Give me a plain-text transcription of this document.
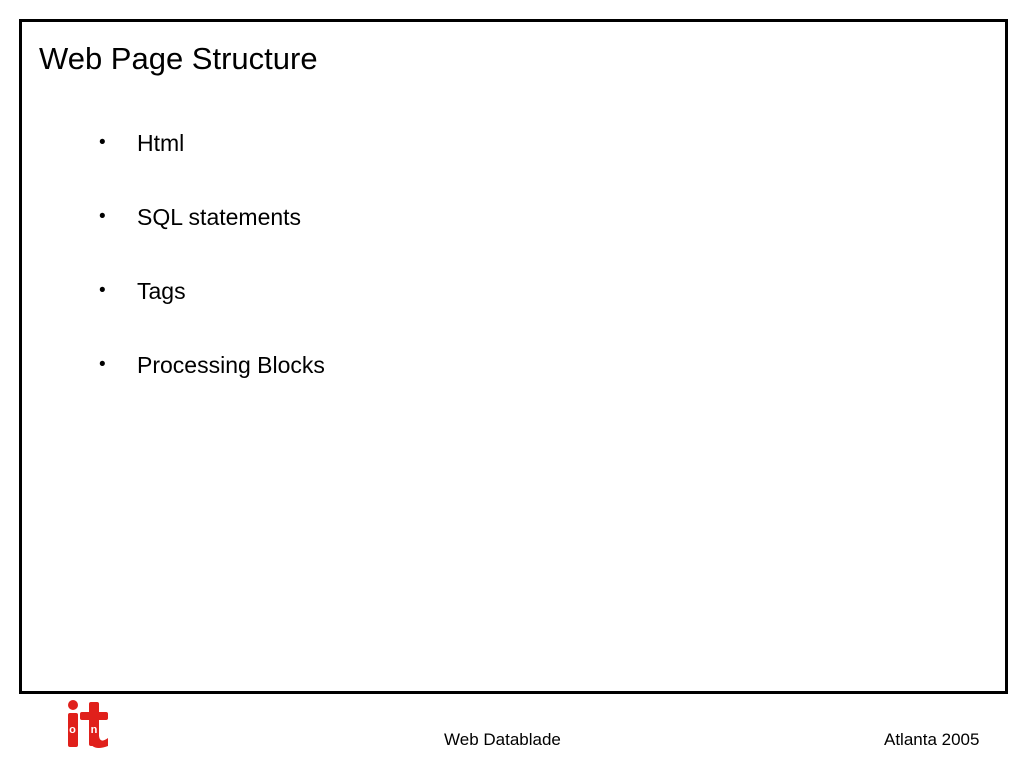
Web Page Structure
• Html
• SQL statements
• Tags
• Processing Blocks
o n	Web Datablade	Atlanta 2005
